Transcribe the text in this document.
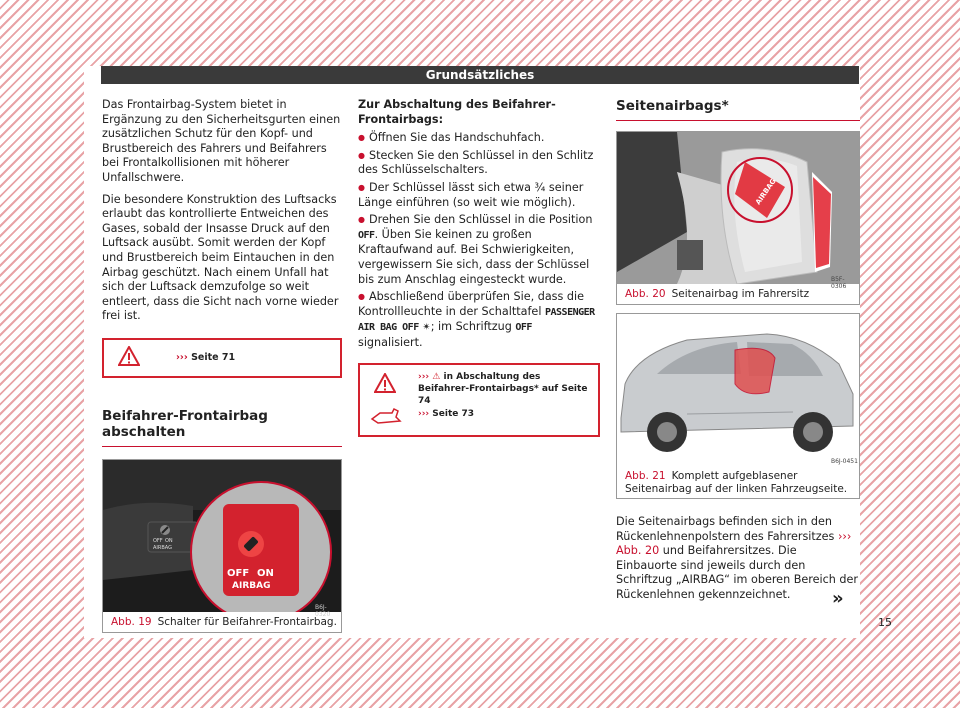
Grundsätzliches

Das Frontairbag-System bietet in Ergänzung zu den Sicherheitsgurten einen zusätzlichen Schutz für den Kopf- und Brustbereich des Fahrers und Beifahrers bei Frontalkollisionen mit höherer Unfallschwere.

Die besondere Konstruktion des Luftsacks erlaubt das kontrollierte Entweichen des Gases, sobald der Insasse Druck auf den Luftsack ausübt. Somit werden der Kopf und Brustbereich beim Eintauchen in den Airbag geschützt. Nach einem Unfall hat sich der Luftsack demzufolge so weit entleert, dass die Sicht nach vorne wieder frei ist.

››› Seite 71
Beifahrer-Frontairbag abschalten
OFF ON
AIRBAG
OFF ON
AIRBAG
B6J-0320
Abb. 19 Schalter für Beifahrer-Frontairbag.

Zur Abschaltung des Beifahrer-Frontairbags:

● Öffnen Sie das Handschuhfach.

● Stecken Sie den Schlüssel in den Schlitz des Schlüsselschalters.

● Der Schlüssel lässt sich etwa ¾ seiner Länge einführen (so weit wie möglich).

● Drehen Sie den Schlüssel in die Position OFF. Üben Sie keinen zu großen Kraftaufwand auf. Bei Schwierigkeiten, vergewissern Sie sich, dass der Schlüssel bis zum Anschlag eingesteckt wurde.

● Abschließend überprüfen Sie, dass die Kontrollleuchte in der Schalttafel PASSENGER AIR BAG OFF ✴; im Schriftzug OFF signalisiert.

››› ⚠ in Abschaltung des Beifahrer-Frontairbags* auf Seite 74
››› Seite 73
Seitenairbags*
AIRBAG
B5F-0306
Abb. 20 Seitenairbag im Fahrersitz
B6J-0451
Abb. 21 Komplett aufgeblasener Seitenairbag auf der linken Fahrzeugseite.

Die Seitenairbags befinden sich in den Rückenlehnenpolstern des Fahrersitzes ››› Abb. 20 und Beifahrersitzes. Die Einbauorte sind jeweils durch den Schriftzug „AIRBAG“ im oberen Bereich der Rückenlehnen gekennzeichnet.	»
15
